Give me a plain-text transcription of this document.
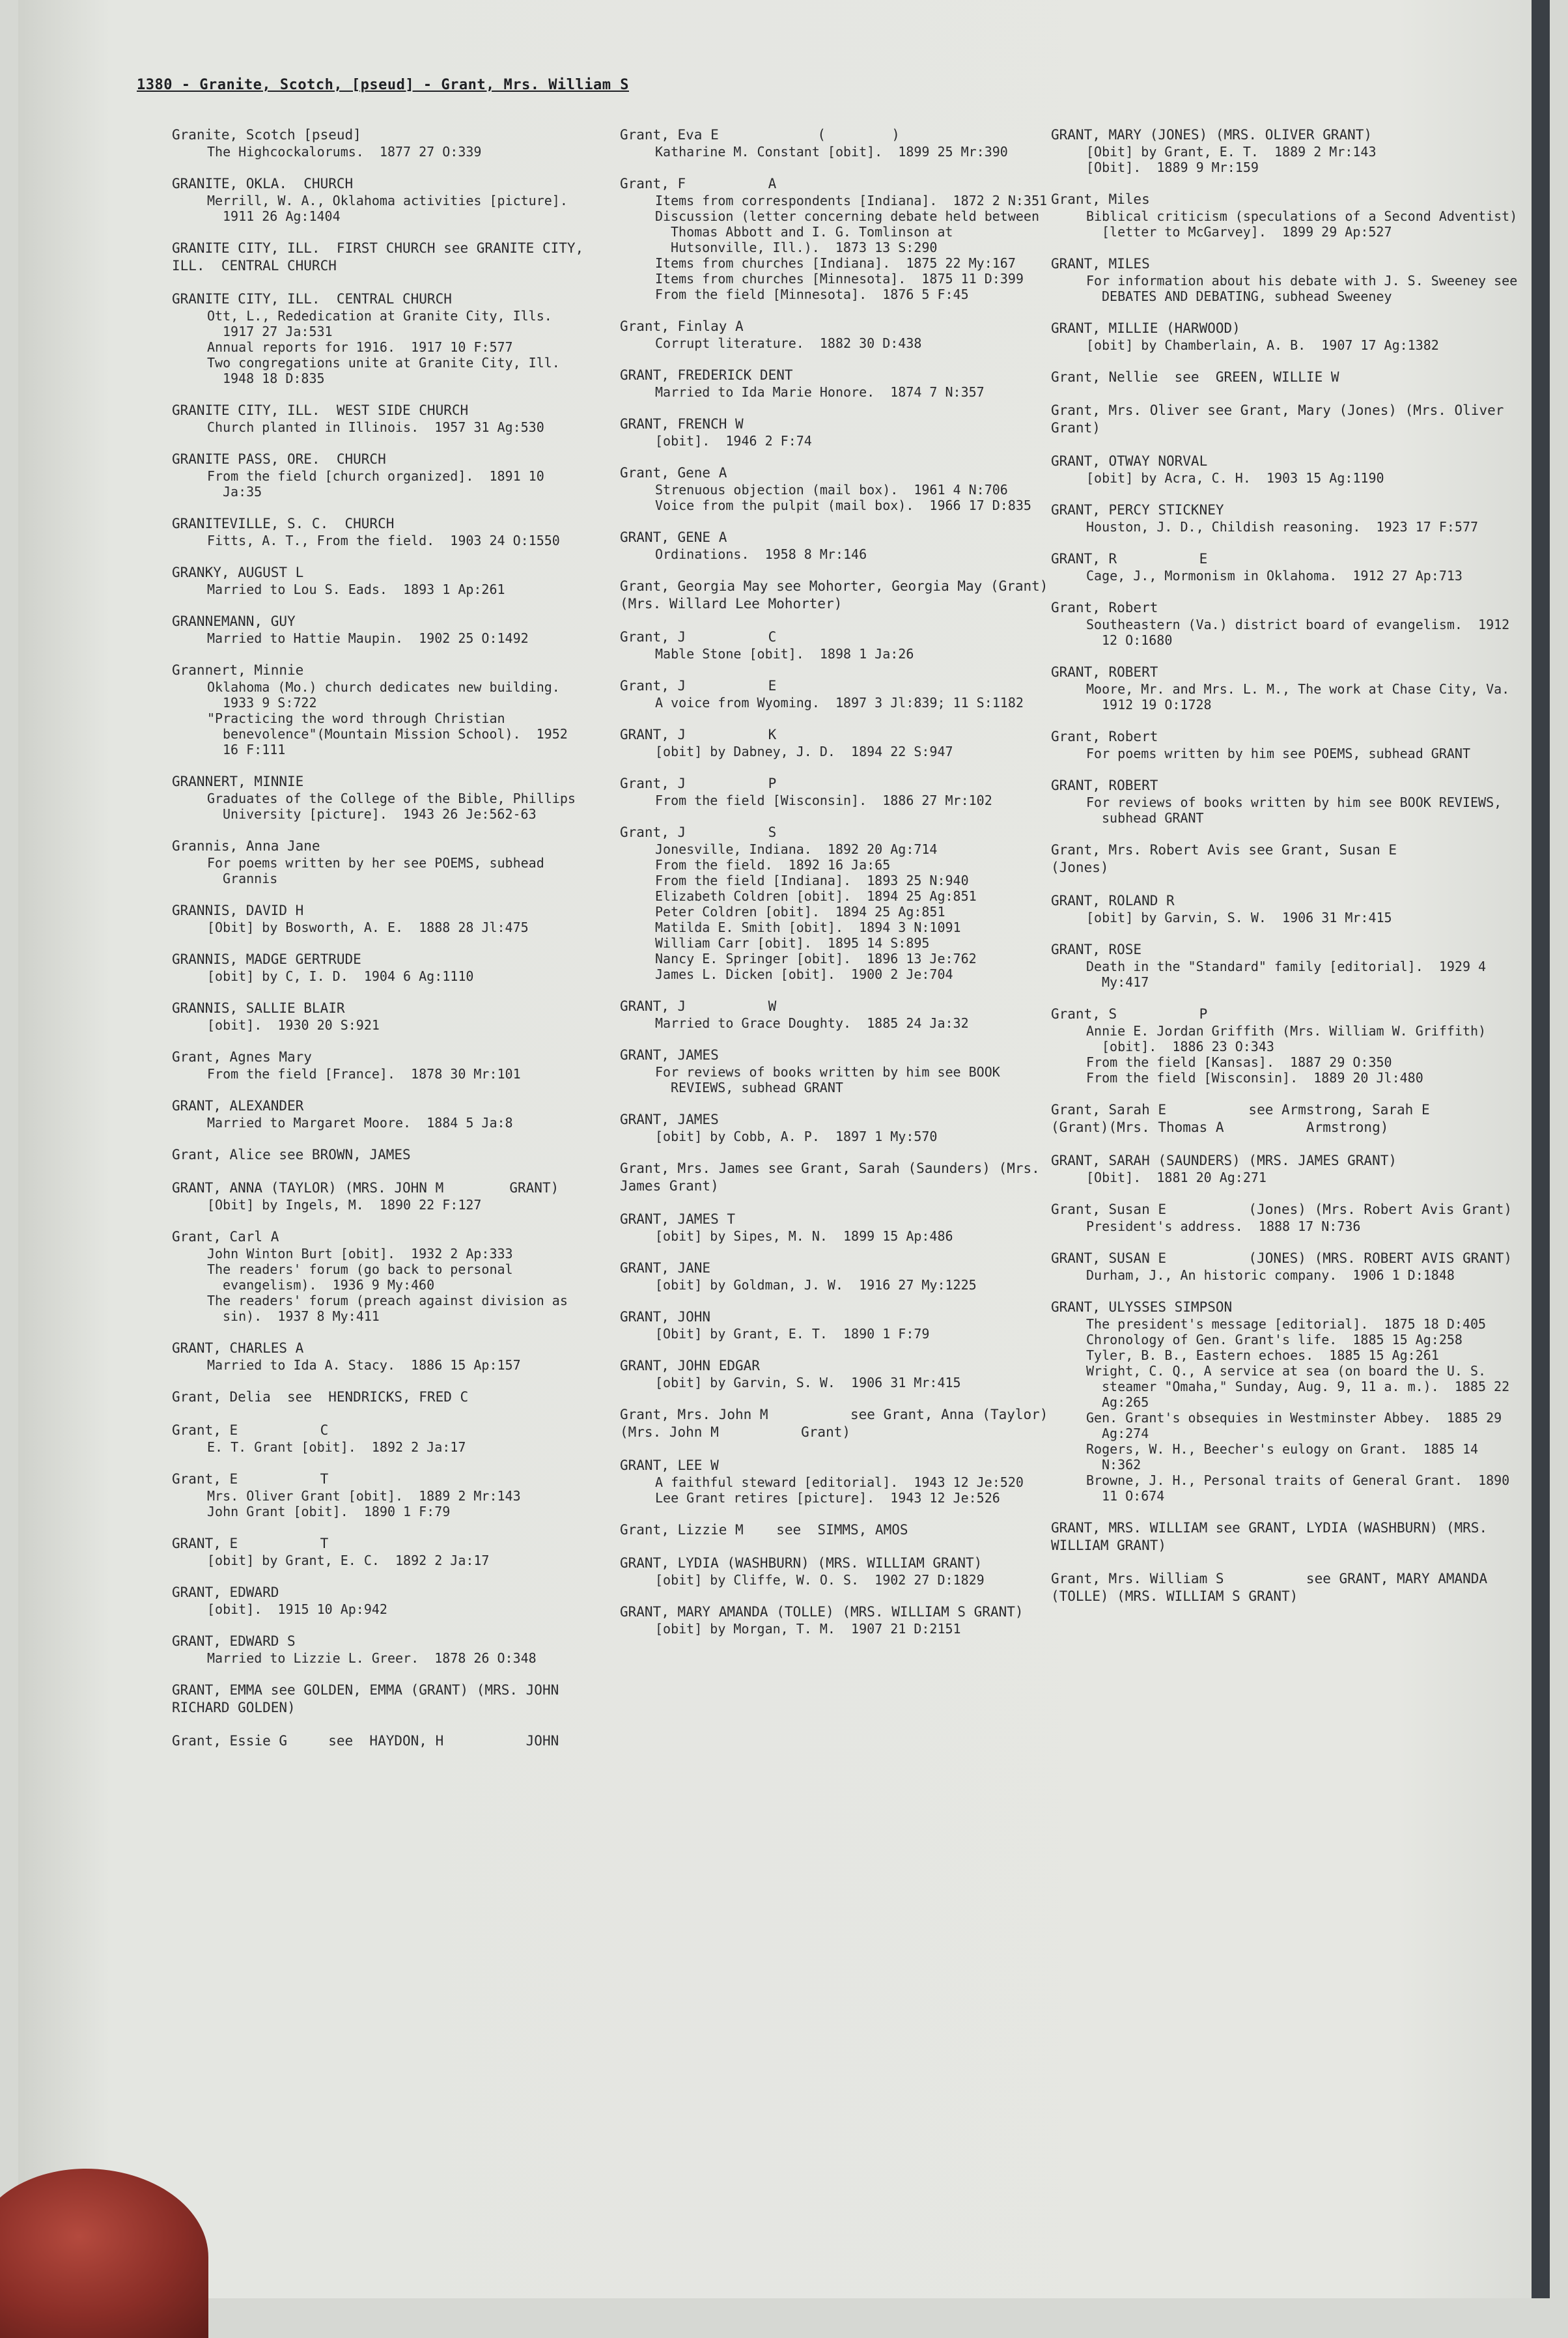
1380 - Granite, Scotch, [pseud] - Grant, Mrs. William S
Granite, Scotch [pseud]
The Highcockalorums.  1877 27 O:339
GRANITE, OKLA.  CHURCH
Merrill, W. A., Oklahoma activities [picture].  1911 26 Ag:1404
GRANITE CITY, ILL.  FIRST CHURCH see GRANITE CITY, ILL.  CENTRAL CHURCH
GRANITE CITY, ILL.  CENTRAL CHURCH
Ott, L., Rededication at Granite City, Ills.  1917 27 Ja:531
Annual reports for 1916.  1917 10 F:577
Two congregations unite at Granite City, Ill.  1948 18 D:835
GRANITE CITY, ILL.  WEST SIDE CHURCH
Church planted in Illinois.  1957 31 Ag:530
GRANITE PASS, ORE.  CHURCH
From the field [church organized].  1891 10 Ja:35
GRANITEVILLE, S. C.  CHURCH
Fitts, A. T., From the field.  1903 24 O:1550
GRANKY, AUGUST L
Married to Lou S. Eads.  1893 1 Ap:261
GRANNEMANN, GUY
Married to Hattie Maupin.  1902 25 O:1492
Grannert, Minnie
Oklahoma (Mo.) church dedicates new building.  1933 9 S:722
"Practicing the word through Christian benevolence"(Mountain Mission School).  1952 16 F:111
GRANNERT, MINNIE
Graduates of the College of the Bible, Phillips University [picture].  1943 26 Je:562-63
Grannis, Anna Jane
For poems written by her see POEMS, subhead Grannis
GRANNIS, DAVID H
[Obit] by Bosworth, A. E.  1888 28 Jl:475
GRANNIS, MADGE GERTRUDE
[obit] by C, I. D.  1904 6 Ag:1110
GRANNIS, SALLIE BLAIR
[obit].  1930 20 S:921
Grant, Agnes Mary
From the field [France].  1878 30 Mr:101
GRANT, ALEXANDER
Married to Margaret Moore.  1884 5 Ja:8
Grant, Alice see BROWN, JAMES
GRANT, ANNA (TAYLOR) (MRS. JOHN M        GRANT)
[Obit] by Ingels, M.  1890 22 F:127
Grant, Carl A
John Winton Burt [obit].  1932 2 Ap:333
The readers' forum (go back to personal evangelism).  1936 9 My:460
The readers' forum (preach against division as sin).  1937 8 My:411
GRANT, CHARLES A
Married to Ida A. Stacy.  1886 15 Ap:157
Grant, Delia  see  HENDRICKS, FRED C
Grant, E          C
E. T. Grant [obit].  1892 2 Ja:17
Grant, E          T
Mrs. Oliver Grant [obit].  1889 2 Mr:143
John Grant [obit].  1890 1 F:79
GRANT, E          T
[obit] by Grant, E. C.  1892 2 Ja:17
GRANT, EDWARD
[obit].  1915 10 Ap:942
GRANT, EDWARD S
Married to Lizzie L. Greer.  1878 26 O:348
GRANT, EMMA see GOLDEN, EMMA (GRANT) (MRS. JOHN RICHARD GOLDEN)
Grant, Essie G     see  HAYDON, H          JOHN
Grant, Eva E            (        )
Katharine M. Constant [obit].  1899 25 Mr:390
Grant, F          A
Items from correspondents [Indiana].  1872 2 N:351
Discussion (letter concerning debate held between Thomas Abbott and I. G. Tomlinson at Hutsonville, Ill.).  1873 13 S:290
Items from churches [Indiana].  1875 22 My:167
Items from churches [Minnesota].  1875 11 D:399
From the field [Minnesota].  1876 5 F:45
Grant, Finlay A
Corrupt literature.  1882 30 D:438
GRANT, FREDERICK DENT
Married to Ida Marie Honore.  1874 7 N:357
GRANT, FRENCH W
[obit].  1946 2 F:74
Grant, Gene A
Strenuous objection (mail box).  1961 4 N:706
Voice from the pulpit (mail box).  1966 17 D:835
GRANT, GENE A
Ordinations.  1958 8 Mr:146
Grant, Georgia May see Mohorter, Georgia May (Grant) (Mrs. Willard Lee Mohorter)
Grant, J          C
Mable Stone [obit].  1898 1 Ja:26
Grant, J          E
A voice from Wyoming.  1897 3 Jl:839; 11 S:1182
GRANT, J          K
[obit] by Dabney, J. D.  1894 22 S:947
Grant, J          P
From the field [Wisconsin].  1886 27 Mr:102
Grant, J          S
Jonesville, Indiana.  1892 20 Ag:714
From the field.  1892 16 Ja:65
From the field [Indiana].  1893 25 N:940
Elizabeth Coldren [obit].  1894 25 Ag:851
Peter Coldren [obit].  1894 25 Ag:851
Matilda E. Smith [obit].  1894 3 N:1091
William Carr [obit].  1895 14 S:895
Nancy E. Springer [obit].  1896 13 Je:762
James L. Dicken [obit].  1900 2 Je:704
GRANT, J          W
Married to Grace Doughty.  1885 24 Ja:32
GRANT, JAMES
For reviews of books written by him see BOOK REVIEWS, subhead GRANT
GRANT, JAMES
[obit] by Cobb, A. P.  1897 1 My:570
Grant, Mrs. James see Grant, Sarah (Saunders) (Mrs. James Grant)
GRANT, JAMES T
[obit] by Sipes, M. N.  1899 15 Ap:486
GRANT, JANE
[obit] by Goldman, J. W.  1916 27 My:1225
GRANT, JOHN
[Obit] by Grant, E. T.  1890 1 F:79
GRANT, JOHN EDGAR
[obit] by Garvin, S. W.  1906 31 Mr:415
Grant, Mrs. John M          see Grant, Anna (Taylor) (Mrs. John M          Grant)
GRANT, LEE W
A faithful steward [editorial].  1943 12 Je:520
Lee Grant retires [picture].  1943 12 Je:526
Grant, Lizzie M    see  SIMMS, AMOS
GRANT, LYDIA (WASHBURN) (MRS. WILLIAM GRANT)
[obit] by Cliffe, W. O. S.  1902 27 D:1829
GRANT, MARY AMANDA (TOLLE) (MRS. WILLIAM S GRANT)
[obit] by Morgan, T. M.  1907 21 D:2151
GRANT, MARY (JONES) (MRS. OLIVER GRANT)
[Obit] by Grant, E. T.  1889 2 Mr:143
[Obit].  1889 9 Mr:159
Grant, Miles
Biblical criticism (speculations of a Second Adventist) [letter to McGarvey].  1899 29 Ap:527
GRANT, MILES
For information about his debate with J. S. Sweeney see DEBATES AND DEBATING, subhead Sweeney
GRANT, MILLIE (HARWOOD)
[obit] by Chamberlain, A. B.  1907 17 Ag:1382
Grant, Nellie  see  GREEN, WILLIE W
Grant, Mrs. Oliver see Grant, Mary (Jones) (Mrs. Oliver Grant)
GRANT, OTWAY NORVAL
[obit] by Acra, C. H.  1903 15 Ag:1190
GRANT, PERCY STICKNEY
Houston, J. D., Childish reasoning.  1923 17 F:577
GRANT, R          E
Cage, J., Mormonism in Oklahoma.  1912 27 Ap:713
Grant, Robert
Southeastern (Va.) district board of evangelism.  1912 12 O:1680
GRANT, ROBERT
Moore, Mr. and Mrs. L. M., The work at Chase City, Va.  1912 19 O:1728
Grant, Robert
For poems written by him see POEMS, subhead GRANT
GRANT, ROBERT
For reviews of books written by him see BOOK REVIEWS, subhead GRANT
Grant, Mrs. Robert Avis see Grant, Susan E          (Jones)
GRANT, ROLAND R
[obit] by Garvin, S. W.  1906 31 Mr:415
GRANT, ROSE
Death in the "Standard" family [editorial].  1929 4 My:417
Grant, S          P
Annie E. Jordan Griffith (Mrs. William W. Griffith) [obit].  1886 23 O:343
From the field [Kansas].  1887 29 O:350
From the field [Wisconsin].  1889 20 Jl:480
Grant, Sarah E          see Armstrong, Sarah E          (Grant)(Mrs. Thomas A          Armstrong)
GRANT, SARAH (SAUNDERS) (MRS. JAMES GRANT)
[Obit].  1881 20 Ag:271
Grant, Susan E          (Jones) (Mrs. Robert Avis Grant)
President's address.  1888 17 N:736
GRANT, SUSAN E          (JONES) (MRS. ROBERT AVIS GRANT)
Durham, J., An historic company.  1906 1 D:1848
GRANT, ULYSSES SIMPSON
The president's message [editorial].  1875 18 D:405
Chronology of Gen. Grant's life.  1885 15 Ag:258
Tyler, B. B., Eastern echoes.  1885 15 Ag:261
Wright, C. Q., A service at sea (on board the U. S. steamer "Omaha," Sunday, Aug. 9, 11 a. m.).  1885 22 Ag:265
Gen. Grant's obsequies in Westminster Abbey.  1885 29 Ag:274
Rogers, W. H., Beecher's eulogy on Grant.  1885 14 N:362
Browne, J. H., Personal traits of General Grant.  1890 11 O:674
GRANT, MRS. WILLIAM see GRANT, LYDIA (WASHBURN) (MRS. WILLIAM GRANT)
Grant, Mrs. William S          see GRANT, MARY AMANDA (TOLLE) (MRS. WILLIAM S GRANT)
